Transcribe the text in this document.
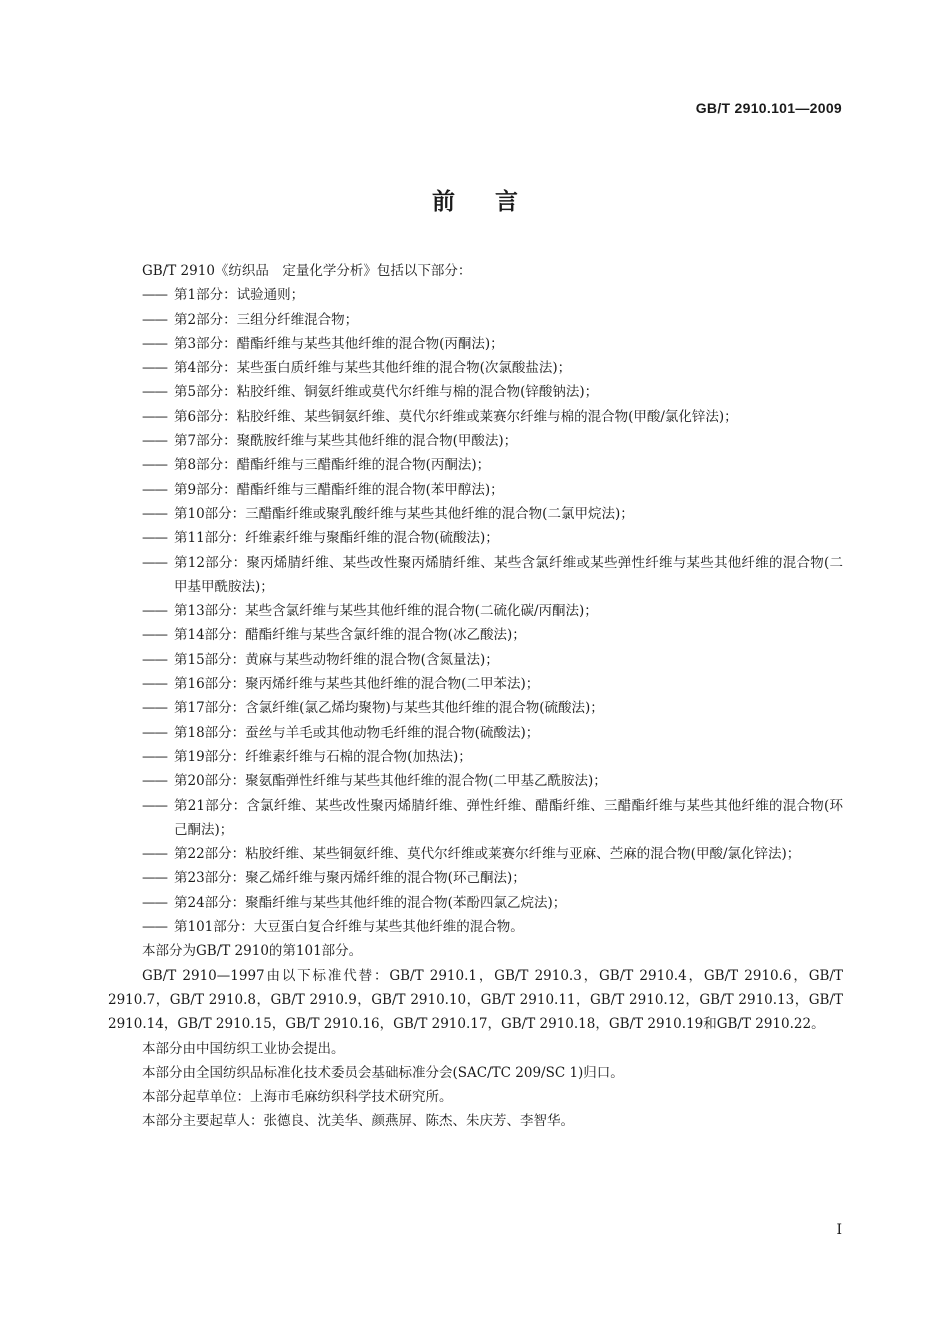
GB/T 2910.101—2009
前言

GB/T 2910《纺织品　定量化学分析》包括以下部分：

—— 第1部分：试验通则；
—— 第2部分：三组分纤维混合物；
—— 第3部分：醋酯纤维与某些其他纤维的混合物(丙酮法)；
—— 第4部分：某些蛋白质纤维与某些其他纤维的混合物(次氯酸盐法)；
—— 第5部分：粘胶纤维、铜氨纤维或莫代尔纤维与棉的混合物(锌酸钠法)；
—— 第6部分：粘胶纤维、某些铜氨纤维、莫代尔纤维或莱赛尔纤维与棉的混合物(甲酸/氯化锌法)；
—— 第7部分：聚酰胺纤维与某些其他纤维的混合物(甲酸法)；
—— 第8部分：醋酯纤维与三醋酯纤维的混合物(丙酮法)；
—— 第9部分：醋酯纤维与三醋酯纤维的混合物(苯甲醇法)；
—— 第10部分：三醋酯纤维或聚乳酸纤维与某些其他纤维的混合物(二氯甲烷法)；
—— 第11部分：纤维素纤维与聚酯纤维的混合物(硫酸法)；
—— 第12部分：聚丙烯腈纤维、某些改性聚丙烯腈纤维、某些含氯纤维或某些弹性纤维与某些其他纤维的混合物(二甲基甲酰胺法)；
—— 第13部分：某些含氯纤维与某些其他纤维的混合物(二硫化碳/丙酮法)；
—— 第14部分：醋酯纤维与某些含氯纤维的混合物(冰乙酸法)；
—— 第15部分：黄麻与某些动物纤维的混合物(含氮量法)；
—— 第16部分：聚丙烯纤维与某些其他纤维的混合物(二甲苯法)；
—— 第17部分：含氯纤维(氯乙烯均聚物)与某些其他纤维的混合物(硫酸法)；
—— 第18部分：蚕丝与羊毛或其他动物毛纤维的混合物(硫酸法)；
—— 第19部分：纤维素纤维与石棉的混合物(加热法)；
—— 第20部分：聚氨酯弹性纤维与某些其他纤维的混合物(二甲基乙酰胺法)；
—— 第21部分：含氯纤维、某些改性聚丙烯腈纤维、弹性纤维、醋酯纤维、三醋酯纤维与某些其他纤维的混合物(环己酮法)；
—— 第22部分：粘胶纤维、某些铜氨纤维、莫代尔纤维或莱赛尔纤维与亚麻、苎麻的混合物(甲酸/氯化锌法)；
—— 第23部分：聚乙烯纤维与聚丙烯纤维的混合物(环己酮法)；
—— 第24部分：聚酯纤维与某些其他纤维的混合物(苯酚四氯乙烷法)；
—— 第101部分：大豆蛋白复合纤维与某些其他纤维的混合物。

本部分为GB/T 2910的第101部分。

GB/T 2910—1997由以下标准代替：GB/T 2910.1，GB/T 2910.3，GB/T 2910.4，GB/T 2910.6，GB/T 2910.7，GB/T 2910.8，GB/T 2910.9，GB/T 2910.10，GB/T 2910.11，GB/T 2910.12，GB/T 2910.13，GB/T 2910.14，GB/T 2910.15，GB/T 2910.16，GB/T 2910.17，GB/T 2910.18，GB/T 2910.19和GB/T 2910.22。

本部分由中国纺织工业协会提出。

本部分由全国纺织品标准化技术委员会基础标准分会(SAC/TC 209/SC 1)归口。

本部分起草单位：上海市毛麻纺织科学技术研究所。

本部分主要起草人：张德良、沈美华、颜燕屏、陈杰、朱庆芳、李智华。

I
